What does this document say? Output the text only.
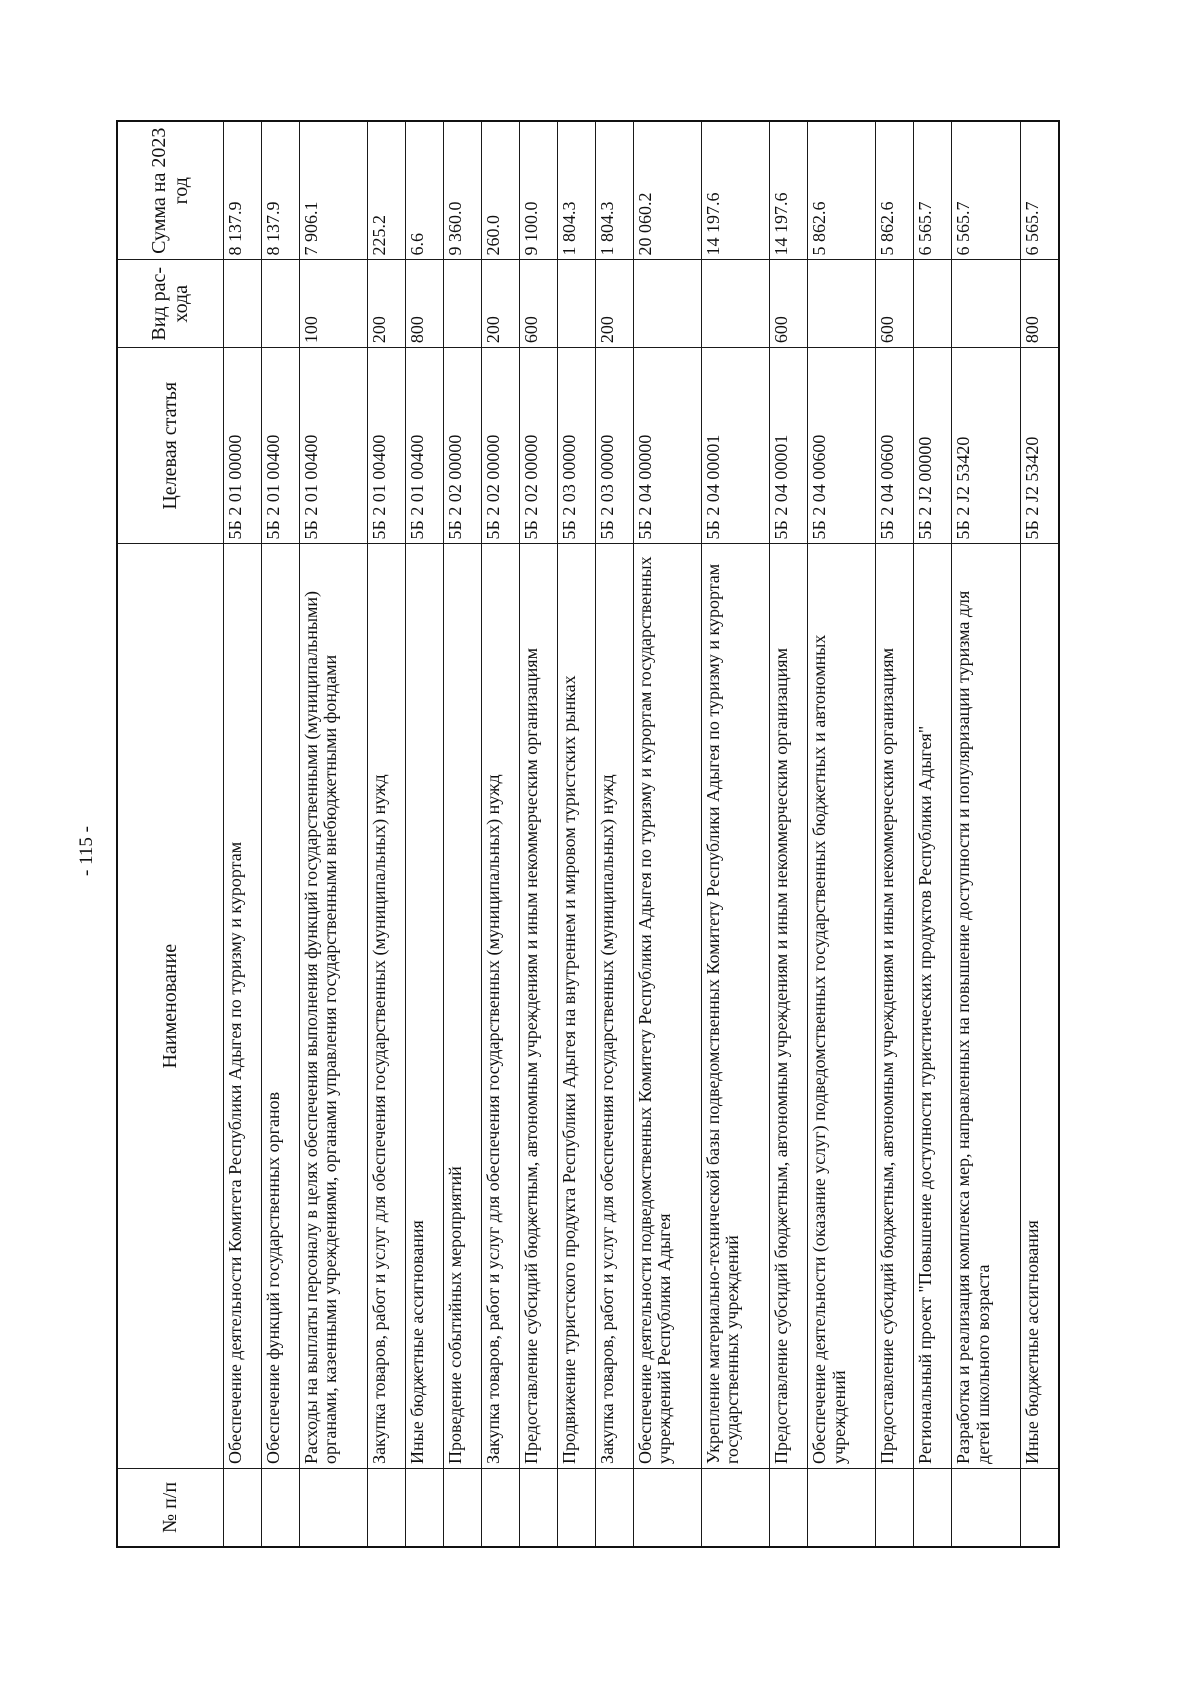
- 115 -
№ п/п	Наименование	Целевая статья	Вид рас-хода	Сумма на 2023 год
	Обеспечение деятельности Комитета Республики Адыгея по туризму и курортам	5Б 2 01 00000		8 137.9
	Обеспечение функций государственных органов	5Б 2 01 00400		8 137.9
	Расходы на выплаты персоналу в целях обеспечения выполнения функций государственными (муниципальными) органами, казенными учреждениями, органами управления государственными внебюджетными фондами	5Б 2 01 00400	100	7 906.1
	Закупка товаров, работ и услуг для обеспечения государственных (муниципальных) нужд	5Б 2 01 00400	200	225.2
	Иные бюджетные ассигнования	5Б 2 01 00400	800	6.6
	Проведение событийных мероприятий	5Б 2 02 00000		9 360.0
	Закупка товаров, работ и услуг для обеспечения государственных (муниципальных) нужд	5Б 2 02 00000	200	260.0
	Предоставление субсидий бюджетным, автономным учреждениям и иным некоммерческим организациям	5Б 2 02 00000	600	9 100.0
	Продвижение туристского продукта Республики Адыгея на внутреннем и мировом туристских рынках	5Б 2 03 00000		1 804.3
	Закупка товаров, работ и услуг для обеспечения государственных (муниципальных) нужд	5Б 2 03 00000	200	1 804.3
	Обеспечение деятельности подведомственных Комитету Республики Адыгея по туризму и курортам государственных учреждений Республики Адыгея	5Б 2 04 00000		20 060.2
	Укрепление материально-технической базы подведомственных Комитету Республики Адыгея по туризму и курортам государственных учреждений	5Б 2 04 00001		14 197.6
	Предоставление субсидий бюджетным, автономным учреждениям и иным некоммерческим организациям	5Б 2 04 00001	600	14 197.6
	Обеспечение деятельности (оказание услуг) подведомственных государственных бюджетных и автономных учреждений	5Б 2 04 00600		5 862.6
	Предоставление субсидий бюджетным, автономным учреждениям и иным некоммерческим организациям	5Б 2 04 00600	600	5 862.6
	Региональный проект "Повышение доступности туристических продуктов Республики Адыгея"	5Б 2 J2 00000		6 565.7
	Разработка и реализация комплекса мер, направленных на повышение доступности и популяризации туризма для детей школьного возраста	5Б 2 J2 53420		6 565.7
	Иные бюджетные ассигнования	5Б 2 J2 53420	800	6 565.7
